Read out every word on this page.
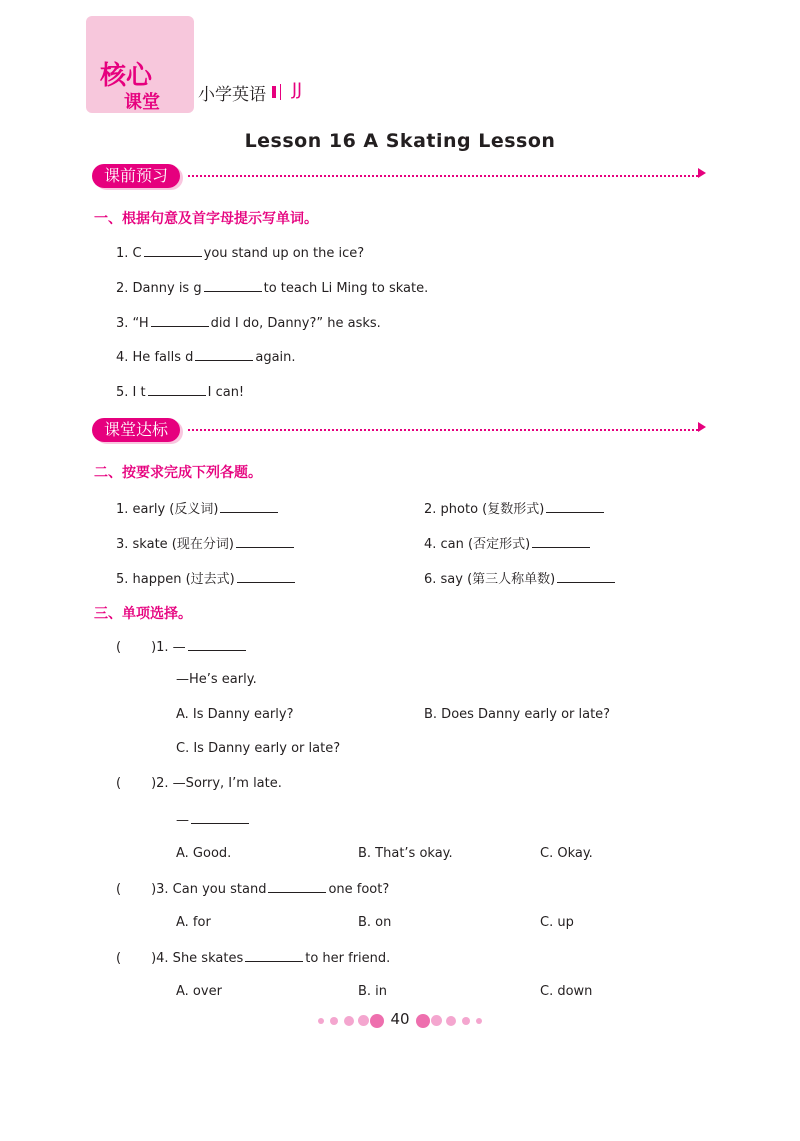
核心
课堂 小学英语 JJ
Lesson 16 A Skating Lesson
课前预习
一、根据句意及首字母提示写单词。
1. C	you stand up on the ice?
2. Danny is g	to teach Li Ming to skate.
3. “H	did I do, Danny?” he asks.
4. He falls d	again.
5. I t	I can!
课堂达标
二、按要求完成下列各题。
1. early (反义词)	2. photo (复数形式)
3. skate (现在分词)	4. can (否定形式)
5. happen (过去式)	6. say (第三人称单数)
三、单项选择。
( )1. —
—He’s early.
A. Is Danny early?	B. Does Danny early or late?
C. Is Danny early or late?
( )2. —Sorry, I’m late.
—
A. Good.	B. That’s okay.	C. Okay.
( )3. Can you stand	one foot?
A. for	B. on	C. up
( )4. She skates	to her friend.
A. over	B. in	C. down
40
